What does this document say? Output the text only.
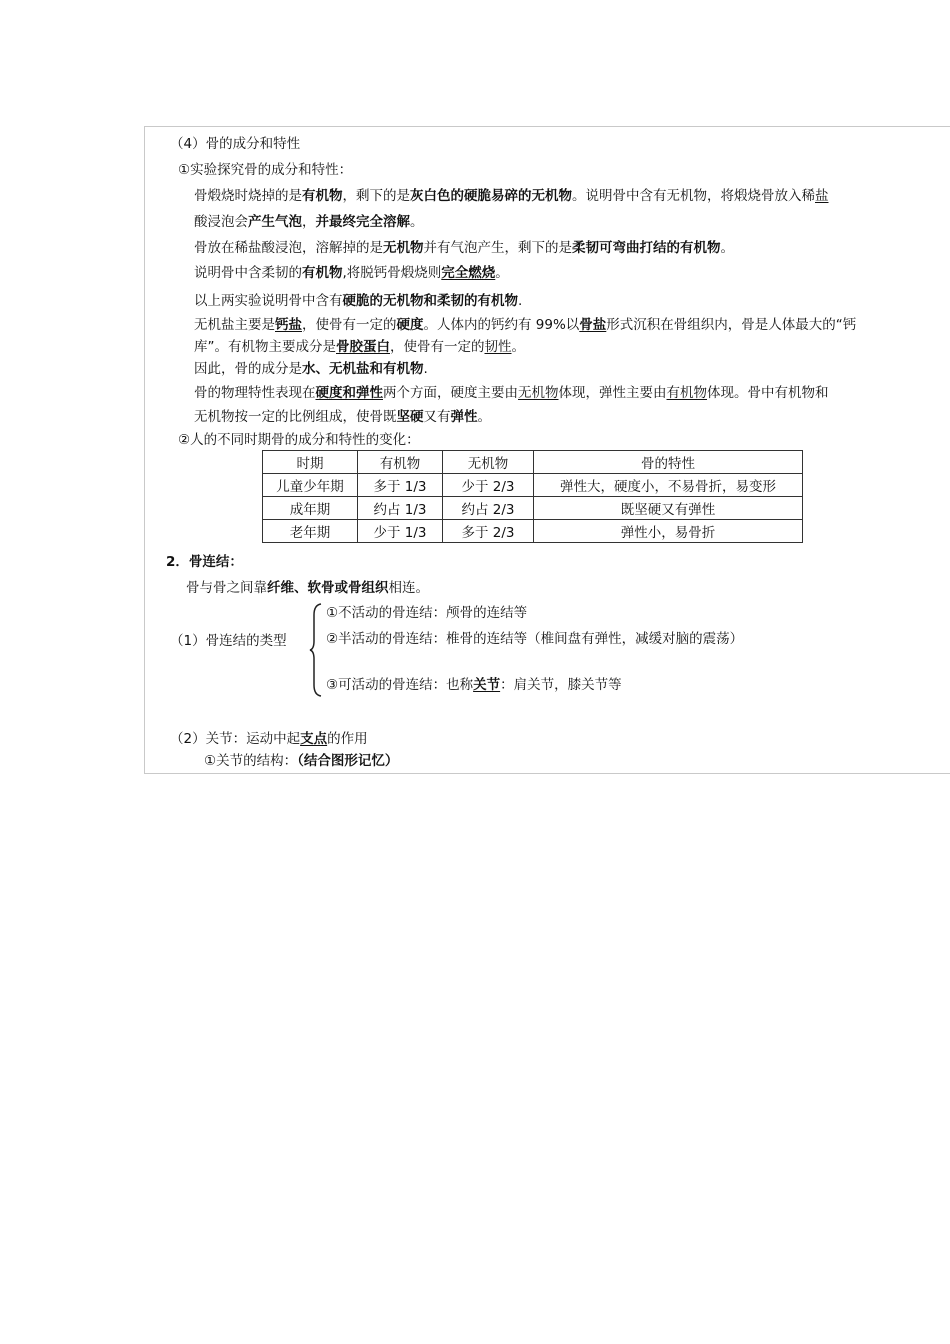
（4）骨的成分和特性
①实验探究骨的成分和特性：
骨煅烧时烧掉的是有机物，剩下的是灰白色的硬脆易碎的无机物。说明骨中含有无机物，将煅烧骨放入稀盐
酸浸泡会产生气泡，并最终完全溶解。
骨放在稀盐酸浸泡，溶解掉的是无机物并有气泡产生，剩下的是柔韧可弯曲打结的有机物。
说明骨中含柔韧的有机物,将脱钙骨煅烧则完全燃烧。
以上两实验说明骨中含有硬脆的无机物和柔韧的有机物.
无机盐主要是钙盐，使骨有一定的硬度。人体内的钙约有 99%以骨盐形式沉积在骨组织内，骨是人体最大的“钙
库”。有机物主要成分是骨胶蛋白，使骨有一定的韧性。
因此，骨的成分是水、无机盐和有机物.
骨的物理特性表现在硬度和弹性两个方面，硬度主要由无机物体现，弹性主要由有机物体现。骨中有机物和
无机物按一定的比例组成，使骨既坚硬又有弹性。
②人的不同时期骨的成分和特性的变化：
时期	有机物	无机物	骨的特性
儿童少年期	多于 1/3	少于 2/3	弹性大，硬度小，不易骨折，易变形
成年期	约占 1/3	约占 2/3	既坚硬又有弹性
老年期	少于 1/3	多于 2/3	弹性小，易骨折
2．骨连结：
骨与骨之间靠纤维、软骨或骨组织相连。
（1）骨连结的类型
①不活动的骨连结：颅骨的连结等
②半活动的骨连结：椎骨的连结等（椎间盘有弹性，减缓对脑的震荡）
③可活动的骨连结：也称关节：肩关节，膝关节等
（2）关节：运动中起支点的作用
①关节的结构：（结合图形记忆）
